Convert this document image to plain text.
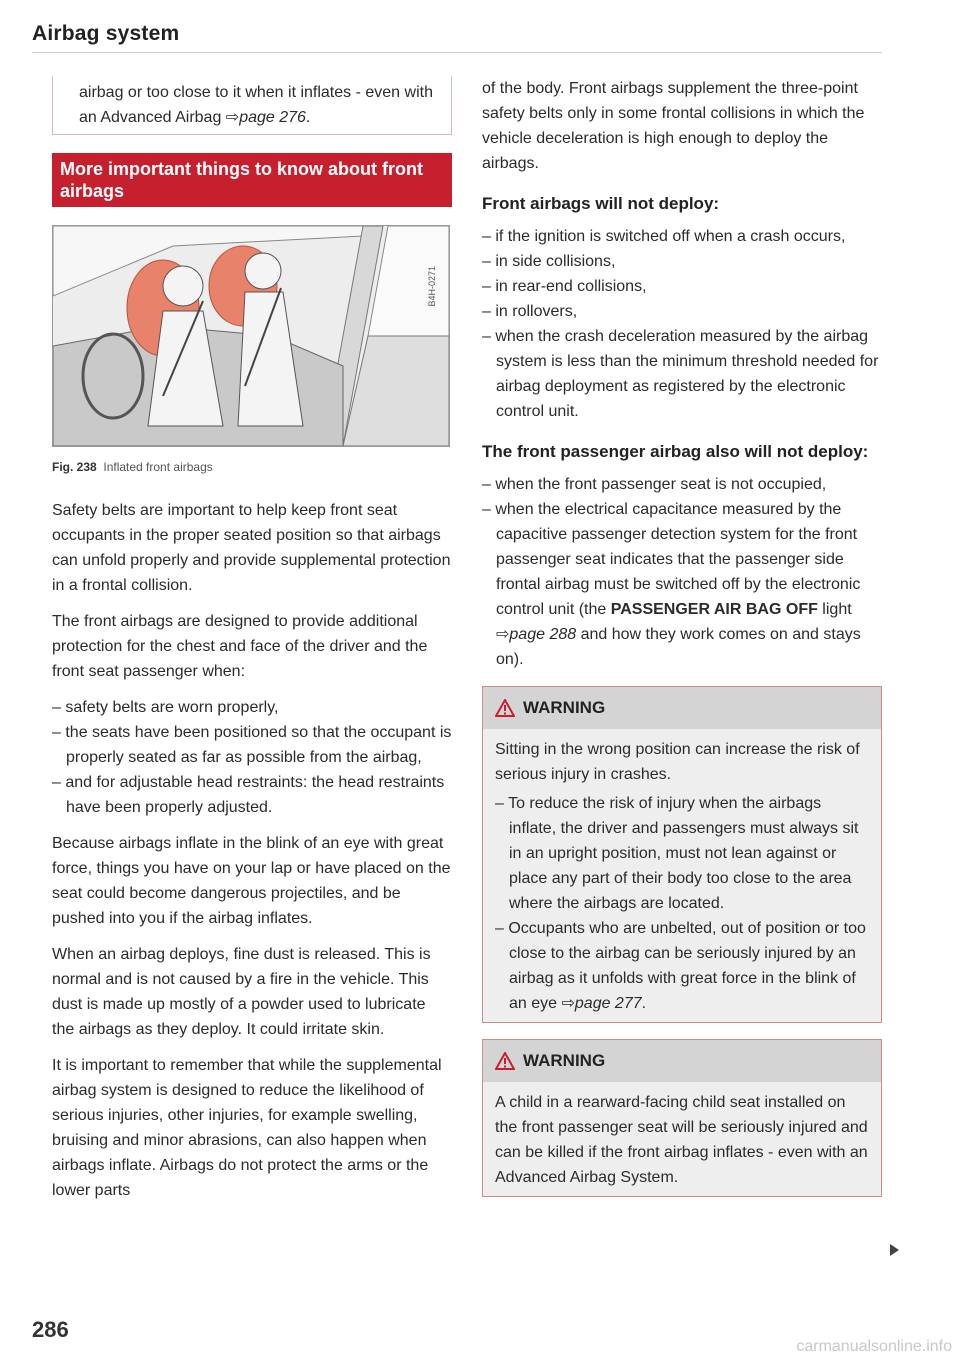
Airbag system
airbag or too close to it when it inflates - even with an Advanced Airbag ⇨page 276.
More important things to know about front airbags
B4H-0271
Fig. 238 Inflated front airbags

Safety belts are important to help keep front seat occupants in the proper seated position so that airbags can unfold properly and provide supplemental protection in a frontal collision.

The front airbags are designed to provide additional protection for the chest and face of the driver and the front seat passenger when:

– safety belts are worn properly,
– the seats have been positioned so that the occupant is properly seated as far as possible from the airbag,
– and for adjustable head restraints: the head restraints have been properly adjusted.

Because airbags inflate in the blink of an eye with great force, things you have on your lap or have placed on the seat could become dangerous projectiles, and be pushed into you if the airbag inflates.

When an airbag deploys, fine dust is released. This is normal and is not caused by a fire in the vehicle. This dust is made up mostly of a powder used to lubricate the airbags as they deploy. It could irritate skin.

It is important to remember that while the supplemental airbag system is designed to reduce the likelihood of serious injuries, other injuries, for example swelling, bruising and minor abrasions, can also happen when airbags inflate. Airbags do not protect the arms or the lower parts

of the body. Front airbags supplement the three-point safety belts only in some frontal collisions in which the vehicle deceleration is high enough to deploy the airbags.

Front airbags will not deploy:
– if the ignition is switched off when a crash occurs,
– in side collisions,
– in rear-end collisions,
– in rollovers,
– when the crash deceleration measured by the airbag system is less than the minimum threshold needed for airbag deployment as registered by the electronic control unit.
The front passenger airbag also will not deploy:
– when the front passenger seat is not occupied,
– when the electrical capacitance measured by the capacitive passenger detection system for the front passenger seat indicates that the passenger side frontal airbag must be switched off by the electronic control unit (the PASSENGER AIR BAG OFF light ⇨page 288 and how they work comes on and stays on).
WARNING

Sitting in the wrong position can increase the risk of serious injury in crashes.

– To reduce the risk of injury when the airbags inflate, the driver and passengers must always sit in an upright position, must not lean against or place any part of their body too close to the area where the airbags are located.
– Occupants who are unbelted, out of position or too close to the airbag can be seriously injured by an airbag as it unfolds with great force in the blink of an eye ⇨page 277.
WARNING

A child in a rearward-facing child seat installed on the front passenger seat will be seriously injured and can be killed if the front airbag inflates - even with an Advanced Airbag System.

286
carmanualsonline.info
